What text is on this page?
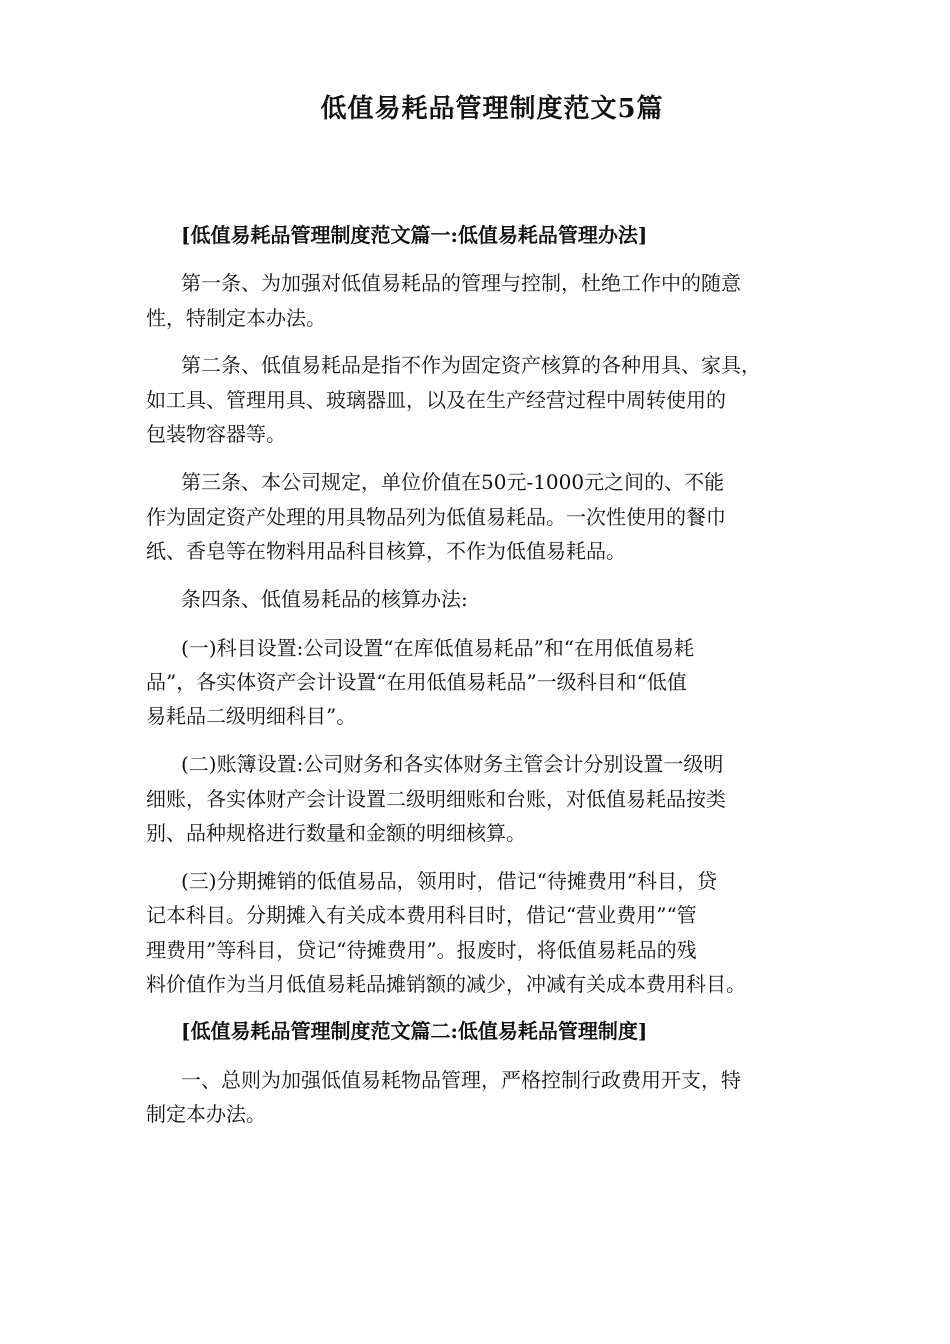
低值易耗品管理制度范文5篇
[低值易耗品管理制度范文篇一:低值易耗品管理办法]
第一条、为加强对低值易耗品的管理与控制，杜绝工作中的随意
性，特制定本办法。
第二条、低值易耗品是指不作为固定资产核算的各种用具、家具，
如工具、管理用具、玻璃器皿，以及在生产经营过程中周转使用的
包装物容器等。
第三条、本公司规定，单位价值在50元-1000元之间的、不能
作为固定资产处理的用具物品列为低值易耗品。一次性使用的餐巾
纸、香皂等在物料用品科目核算，不作为低值易耗品。
条四条、低值易耗品的核算办法:
(一)科目设置:公司设置“在库低值易耗品”和“在用低值易耗
品”，各实体资产会计设置“在用低值易耗品”一级科目和“低值
易耗品二级明细科目”。
(二)账簿设置:公司财务和各实体财务主管会计分别设置一级明
细账，各实体财产会计设置二级明细账和台账，对低值易耗品按类
别、品种规格进行数量和金额的明细核算。
(三)分期摊销的低值易品，领用时，借记“待摊费用”科目，贷
记本科目。分期摊入有关成本费用科目时，借记“营业费用”“管
理费用”等科目，贷记“待摊费用”。报废时，将低值易耗品的残
料价值作为当月低值易耗品摊销额的减少，冲减有关成本费用科目。
[低值易耗品管理制度范文篇二:低值易耗品管理制度]
一、总则为加强低值易耗物品管理，严格控制行政费用开支，特
制定本办法。
